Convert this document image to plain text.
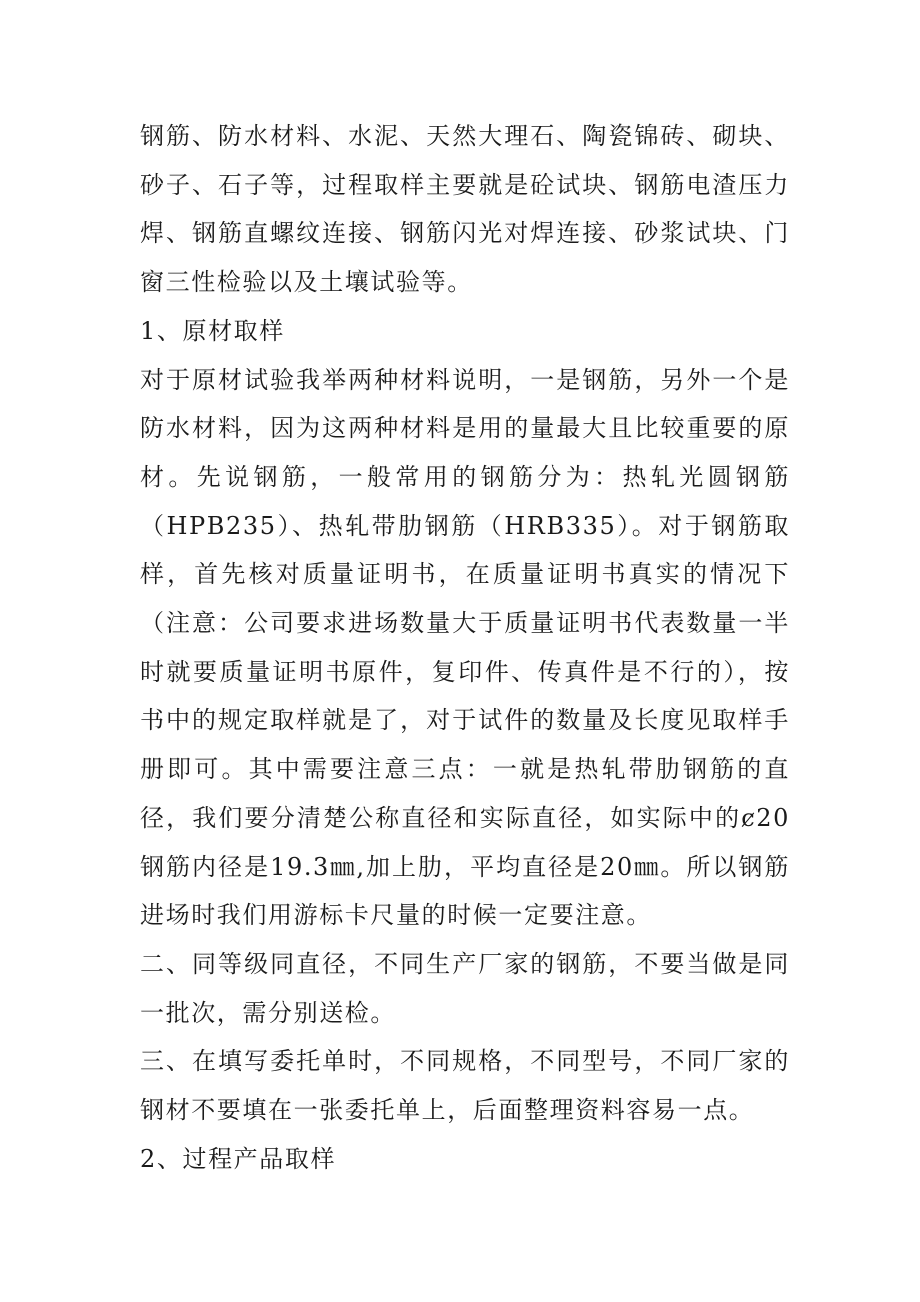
钢筋、防水材料、水泥、天然大理石、陶瓷锦砖、砌块、砂子、石子等，过程取样主要就是砼试块、钢筋电渣压力焊、钢筋直螺纹连接、钢筋闪光对焊连接、砂浆试块、门窗三性检验以及土壤试验等。

1、原材取样

对于原材试验我举两种材料说明，一是钢筋，另外一个是防水材料，因为这两种材料是用的量最大且比较重要的原材。先说钢筋，一般常用的钢筋分为：热轧光圆钢筋（HPB235）、热轧带肋钢筋（HRB335）。对于钢筋取样，首先核对质量证明书，在质量证明书真实的情况下（注意：公司要求进场数量大于质量证明书代表数量一半时就要质量证明书原件，复印件、传真件是不行的），按书中的规定取样就是了，对于试件的数量及长度见取样手册即可。其中需要注意三点：一就是热轧带肋钢筋的直径，我们要分清楚公称直径和实际直径，如实际中的ȼ20钢筋内径是19.3㎜,加上肋，平均直径是20㎜。所以钢筋进场时我们用游标卡尺量的时候一定要注意。

二、同等级同直径，不同生产厂家的钢筋，不要当做是同一批次，需分别送检。

三、在填写委托单时，不同规格，不同型号，不同厂家的钢材不要填在一张委托单上，后面整理资料容易一点。

2、过程产品取样
